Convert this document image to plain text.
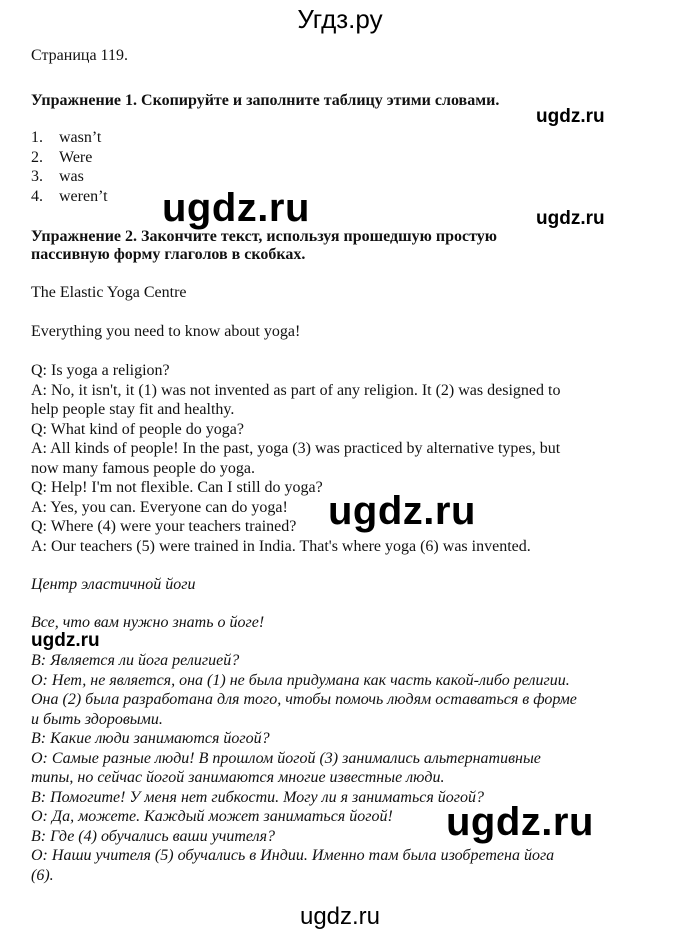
Угдз.ру
Страница 119.
Упражнение 1. Скопируйте и заполните таблицу этими словами.
ugdz.ru
1.	wasn’t
2.	Were
3.	was
4.	weren’t ugdz.ru	ugdz.ru
Упражнение 2. Закончите текст, используя прошедшую простую
пассивную форму глаголов в скобках.
The Elastic Yoga Centre
Everything you need to know about yoga!
Q: Is yoga a religion?
A: No, it isn't, it (1) was not invented as part of any religion. It (2) was designed to
help people stay fit and healthy.
Q: What kind of people do yoga?
A: All kinds of people! In the past, yoga (3) was practiced by alternative types, but
now many famous people do yoga.
Q: Help! I'm not flexible. Can I still do yoga?
A: Yes, you can. Everyone can do yoga!
Q: Where (4) were your teachers trained?
A: Our teachers (5) were trained in India. That's where yoga (6) was invented.
ugdz.ru
Центр эластичной йоги
Все, что вам нужно знать о йоге!
ugdz.ru
В: Является ли йога религией?
О: Нет, не является, она (1) не была придумана как часть какой-либо религии.
Она (2) была разработана для того, чтобы помочь людям оставаться в форме
и быть здоровыми.
В: Какие люди занимаются йогой?
О: Самые разные люди! В прошлом йогой (3) занимались альтернативные
типы, но сейчас йогой занимаются многие известные люди.
В: Помогите! У меня нет гибкости. Могу ли я заниматься йогой?
О: Да, можете. Каждый может заниматься йогой!
В: Где (4) обучались ваши учителя?
О: Наши учителя (5) обучались в Индии. Именно там была изобретена йога
(6).
ugdz.ru
ugdz.ru
